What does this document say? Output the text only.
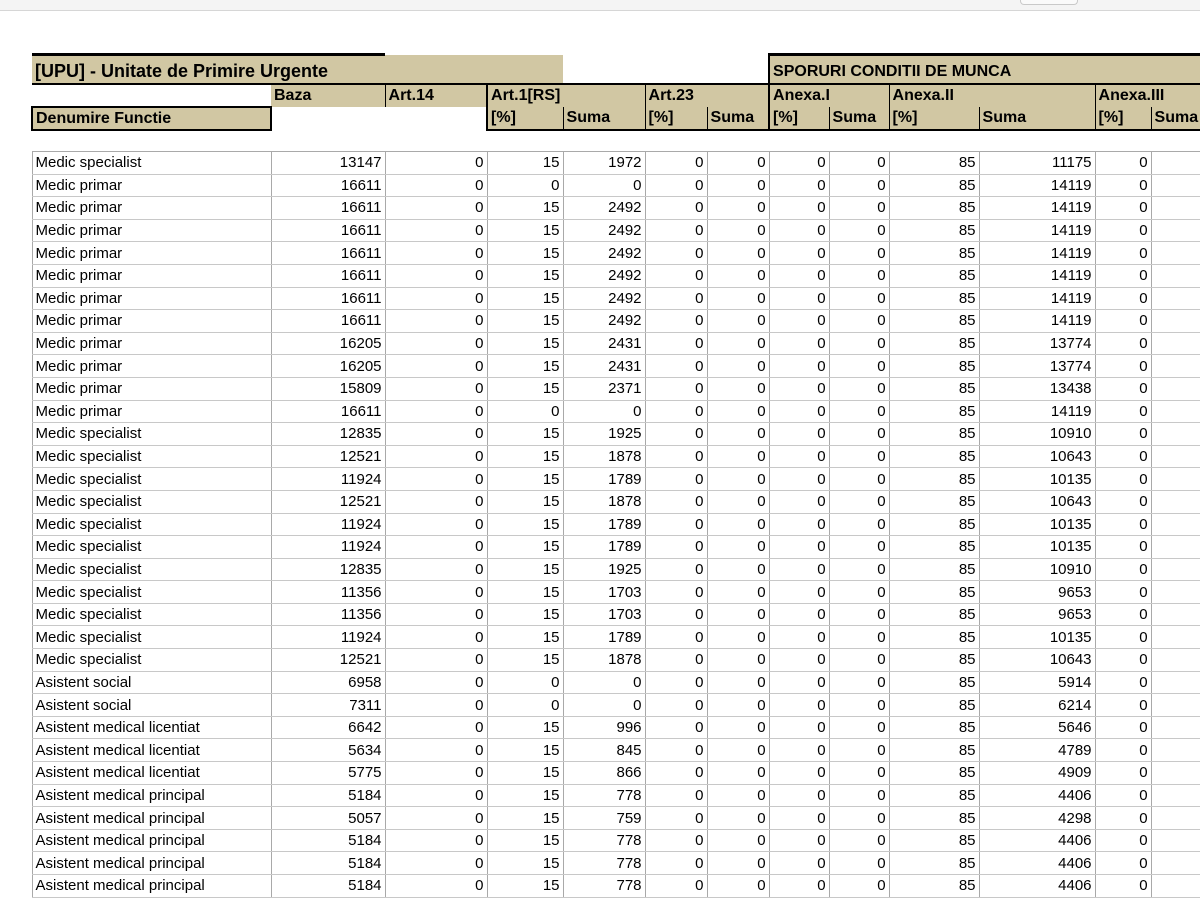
[UPU] - Unitate de Primire Urgente							SPORURI CONDITII DE MUNCA					
	Baza	Art.14	Art.1[RS]		Art.23		Anexa.I		Anexa.II		Anexa.III	
Denumire Functie			[%]	Suma	[%]	Suma	[%]	Suma	[%]	Suma	[%]	Suma

Medic specialist	13147	0	15	1972	0	0	0	0	85	11175	0	
Medic primar	16611	0	0	0	0	0	0	0	85	14119	0	
Medic primar	16611	0	15	2492	0	0	0	0	85	14119	0	
Medic primar	16611	0	15	2492	0	0	0	0	85	14119	0	
Medic primar	16611	0	15	2492	0	0	0	0	85	14119	0	
Medic primar	16611	0	15	2492	0	0	0	0	85	14119	0	
Medic primar	16611	0	15	2492	0	0	0	0	85	14119	0	
Medic primar	16611	0	15	2492	0	0	0	0	85	14119	0	
Medic primar	16205	0	15	2431	0	0	0	0	85	13774	0	
Medic primar	16205	0	15	2431	0	0	0	0	85	13774	0	
Medic primar	15809	0	15	2371	0	0	0	0	85	13438	0	
Medic primar	16611	0	0	0	0	0	0	0	85	14119	0	
Medic specialist	12835	0	15	1925	0	0	0	0	85	10910	0	
Medic specialist	12521	0	15	1878	0	0	0	0	85	10643	0	
Medic specialist	11924	0	15	1789	0	0	0	0	85	10135	0	
Medic specialist	12521	0	15	1878	0	0	0	0	85	10643	0	
Medic specialist	11924	0	15	1789	0	0	0	0	85	10135	0	
Medic specialist	11924	0	15	1789	0	0	0	0	85	10135	0	
Medic specialist	12835	0	15	1925	0	0	0	0	85	10910	0	
Medic specialist	11356	0	15	1703	0	0	0	0	85	9653	0	
Medic specialist	11356	0	15	1703	0	0	0	0	85	9653	0	
Medic specialist	11924	0	15	1789	0	0	0	0	85	10135	0	
Medic specialist	12521	0	15	1878	0	0	0	0	85	10643	0	
Asistent social	6958	0	0	0	0	0	0	0	85	5914	0	
Asistent social	7311	0	0	0	0	0	0	0	85	6214	0	
Asistent medical licentiat	6642	0	15	996	0	0	0	0	85	5646	0	
Asistent medical licentiat	5634	0	15	845	0	0	0	0	85	4789	0	
Asistent medical licentiat	5775	0	15	866	0	0	0	0	85	4909	0	
Asistent medical principal	5184	0	15	778	0	0	0	0	85	4406	0	
Asistent medical principal	5057	0	15	759	0	0	0	0	85	4298	0	
Asistent medical principal	5184	0	15	778	0	0	0	0	85	4406	0	
Asistent medical principal	5184	0	15	778	0	0	0	0	85	4406	0	
Asistent medical principal	5184	0	15	778	0	0	0	0	85	4406	0	
